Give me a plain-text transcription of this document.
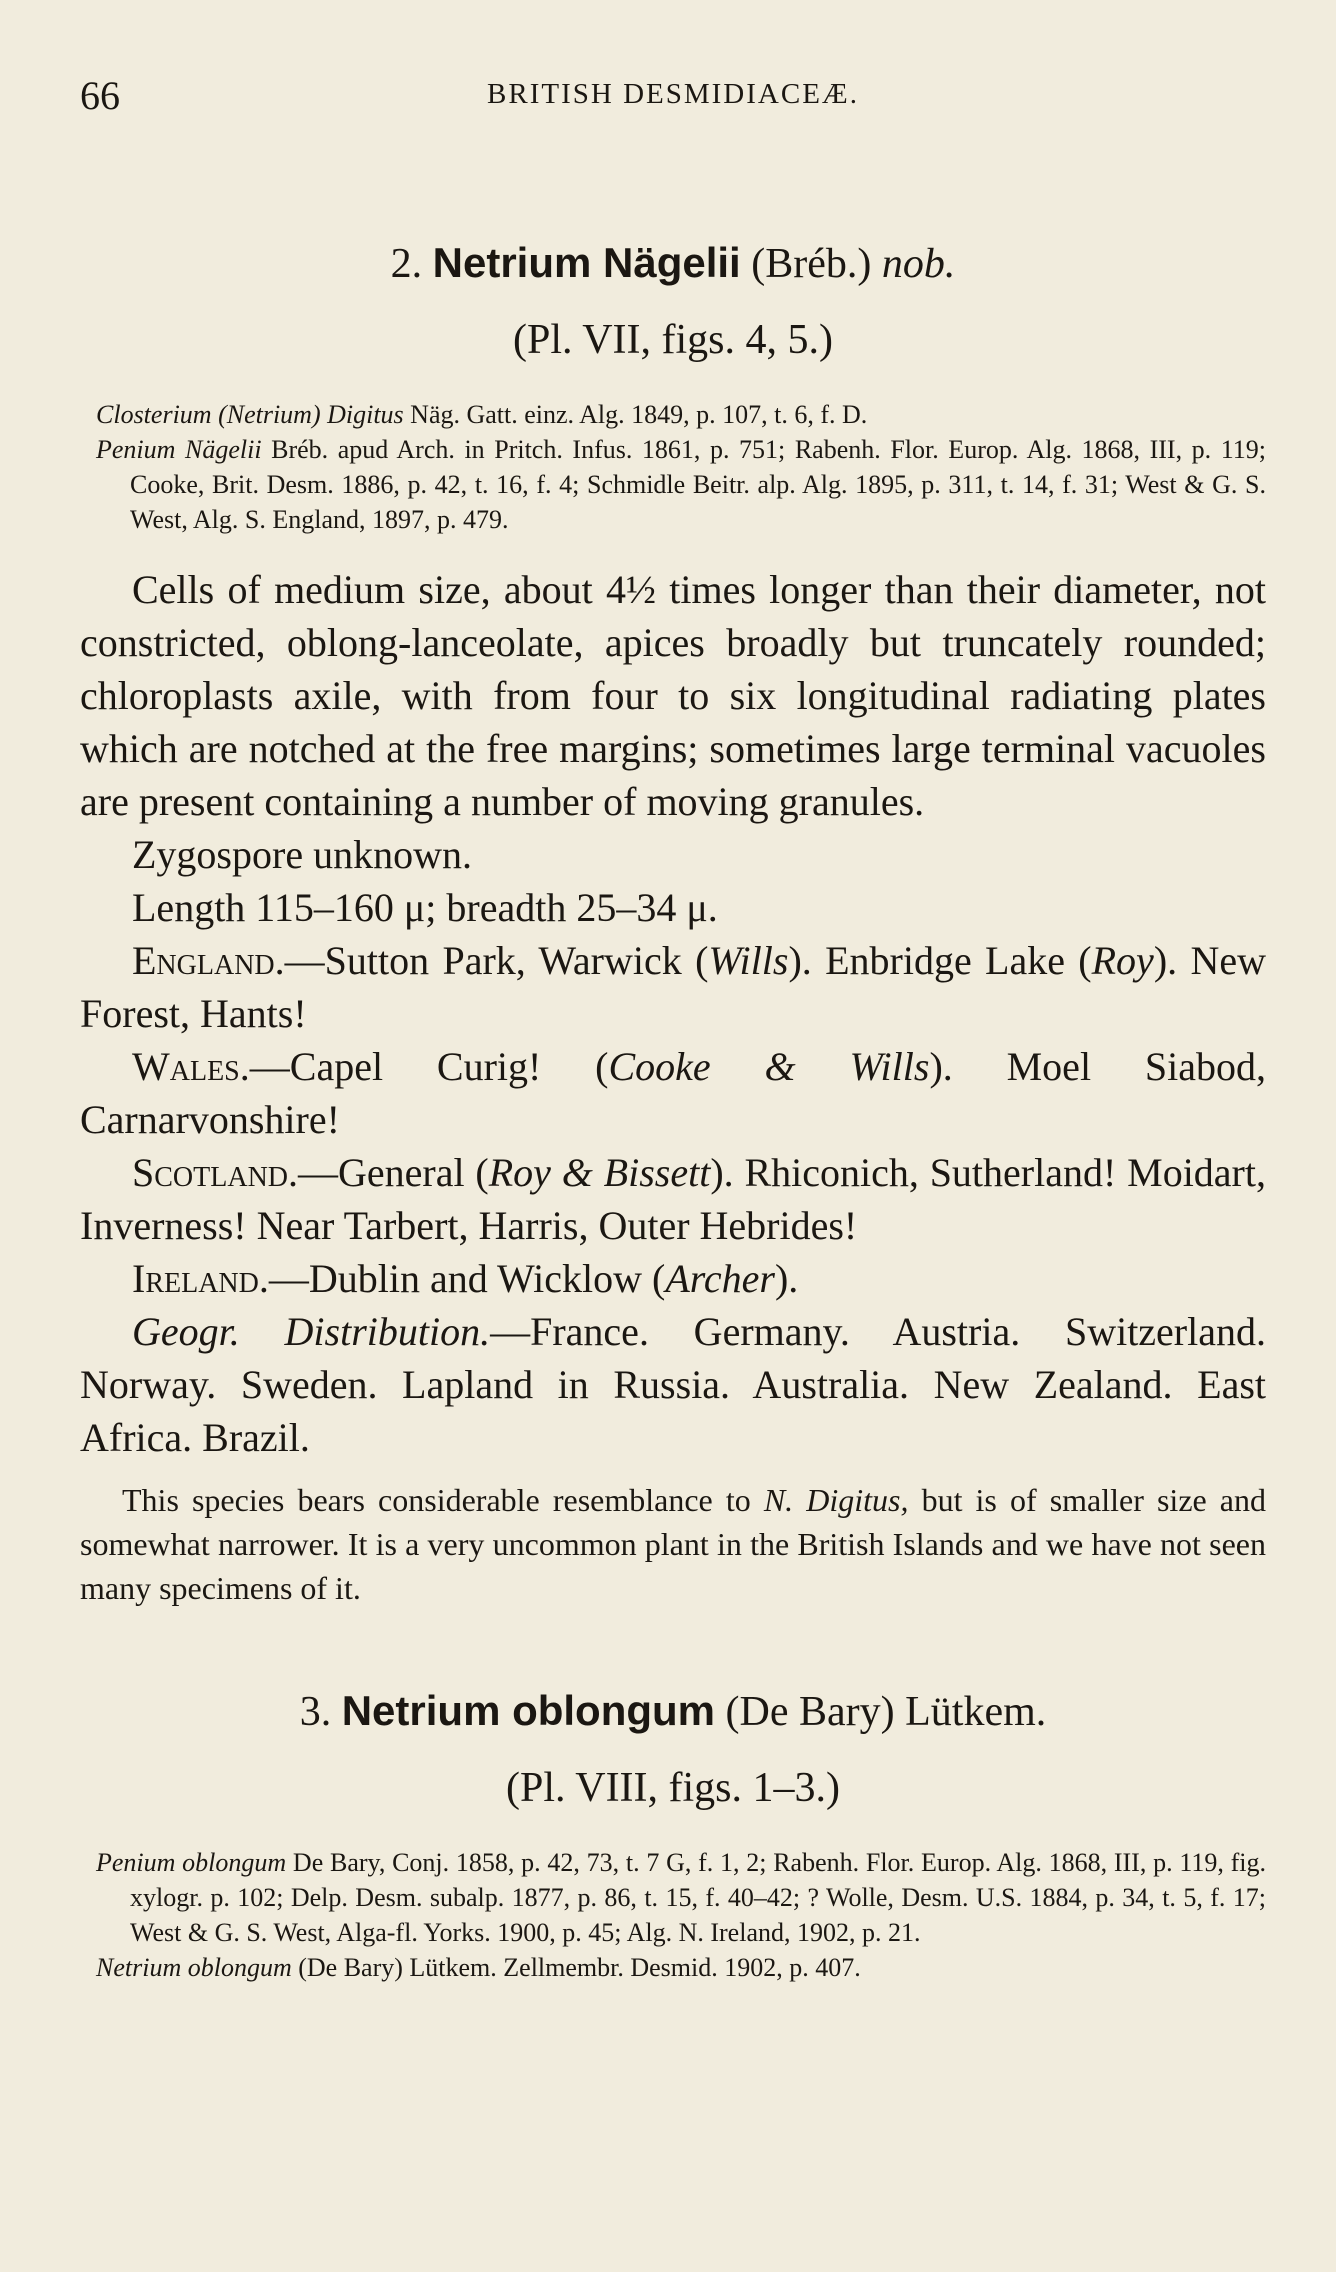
66	BRITISH DESMIDIACEÆ.
2. Netrium Nägelii (Bréb.) nob.
(Pl. VII, figs. 4, 5.)
Closterium (Netrium) Digitus Näg. Gatt. einz. Alg. 1849, p. 107, t. 6, f. D.
Penium Nägelii Bréb. apud Arch. in Pritch. Infus. 1861, p. 751; Rabenh. Flor. Europ. Alg. 1868, III, p. 119; Cooke, Brit. Desm. 1886, p. 42, t. 16, f. 4; Schmidle Beitr. alp. Alg. 1895, p. 311, t. 14, f. 31; West & G. S. West, Alg. S. England, 1897, p. 479.

Cells of medium size, about 4½ times longer than their diameter, not constricted, oblong-lanceolate, apices broadly but truncately rounded; chloroplasts axile, with from four to six longitudinal radiating plates which are notched at the free margins; sometimes large terminal vacuoles are present containing a number of moving granules.

Zygospore unknown.

Length 115–160 μ; breadth 25–34 μ.

England.—Sutton Park, Warwick (Wills). Enbridge Lake (Roy). New Forest, Hants!

Wales.—Capel Curig! (Cooke & Wills). Moel Siabod, Carnarvonshire!

Scotland.—General (Roy & Bissett). Rhiconich, Sutherland! Moidart, Inverness! Near Tarbert, Harris, Outer Hebrides!

Ireland.—Dublin and Wicklow (Archer).

Geogr. Distribution.—France. Germany. Austria. Switzerland. Norway. Sweden. Lapland in Russia. Australia. New Zealand. East Africa. Brazil.

This species bears considerable resemblance to N. Digitus, but is of smaller size and somewhat narrower. It is a very uncommon plant in the British Islands and we have not seen many specimens of it.
3. Netrium oblongum (De Bary) Lütkem.
(Pl. VIII, figs. 1–3.)
Penium oblongum De Bary, Conj. 1858, p. 42, 73, t. 7 G, f. 1, 2; Rabenh. Flor. Europ. Alg. 1868, III, p. 119, fig. xylogr. p. 102; Delp. Desm. subalp. 1877, p. 86, t. 15, f. 40–42; ? Wolle, Desm. U.S. 1884, p. 34, t. 5, f. 17; West & G. S. West, Alga-fl. Yorks. 1900, p. 45; Alg. N. Ireland, 1902, p. 21.
Netrium oblongum (De Bary) Lütkem. Zellmembr. Desmid. 1902, p. 407.
